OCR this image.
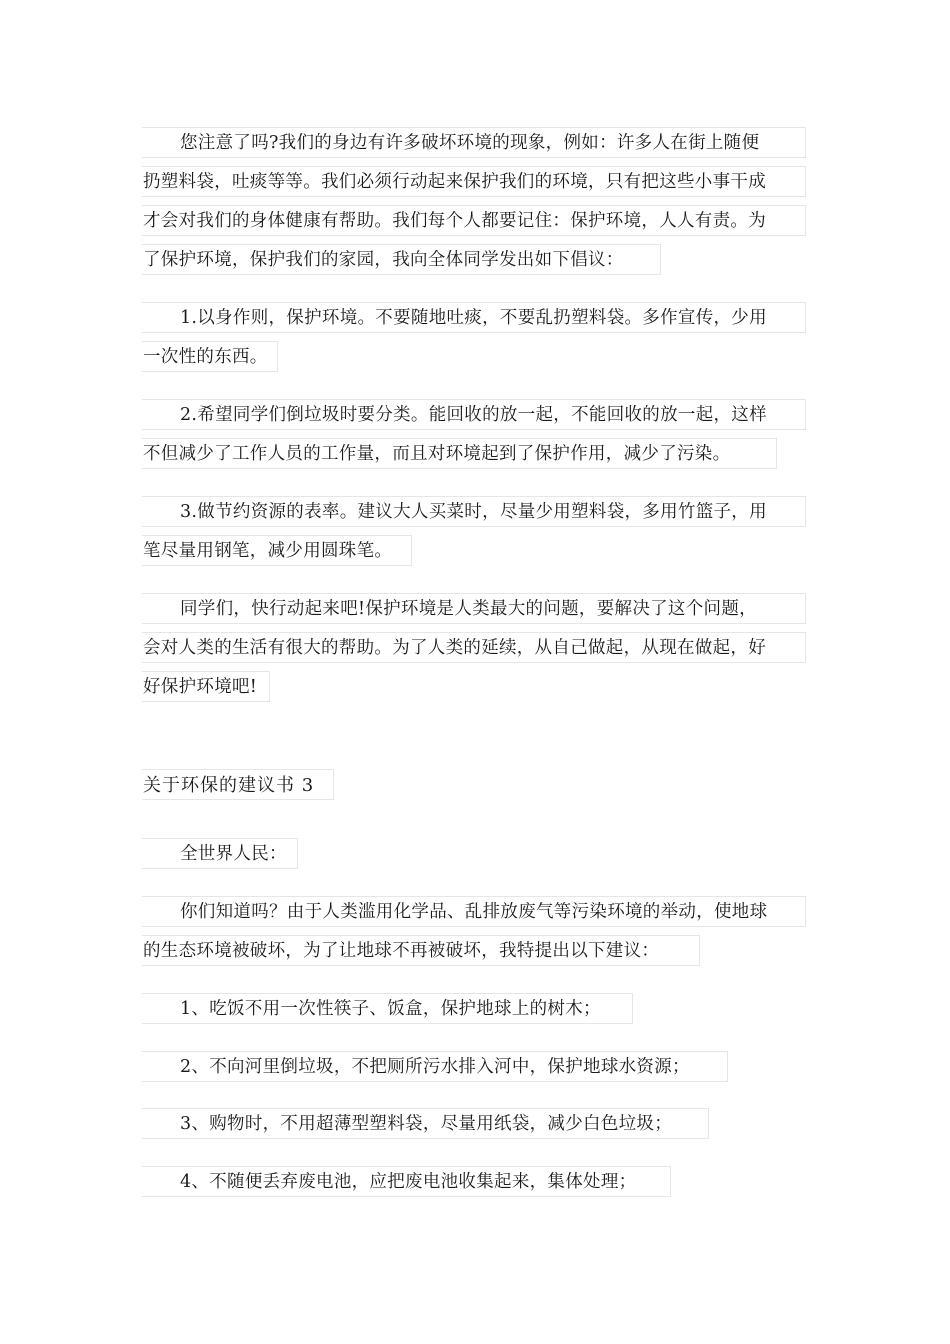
您注意了吗?我们的身边有许多破坏环境的现象，例如：许多人在街上随便
扔塑料袋，吐痰等等。我们必须行动起来保护我们的环境，只有把这些小事干成
才会对我们的身体健康有帮助。我们每个人都要记住：保护环境，人人有责。为
了保护环境，保护我们的家园，我向全体同学发出如下倡议：
1.以身作则，保护环境。不要随地吐痰，不要乱扔塑料袋。多作宣传，少用
一次性的东西。
2.希望同学们倒垃圾时要分类。能回收的放一起，不能回收的放一起，这样
不但减少了工作人员的工作量，而且对环境起到了保护作用，减少了污染。
3.做节约资源的表率。建议大人买菜时，尽量少用塑料袋，多用竹篮子，用
笔尽量用钢笔，减少用圆珠笔。
同学们，快行动起来吧!保护环境是人类最大的问题，要解决了这个问题，
会对人类的生活有很大的帮助。为了人类的延续，从自己做起，从现在做起，好
好保护环境吧!
关于环保的建议书 3
全世界人民：
你们知道吗？由于人类滥用化学品、乱排放废气等污染环境的举动，使地球
的生态环境被破坏，为了让地球不再被破坏，我特提出以下建议：
1、吃饭不用一次性筷子、饭盒，保护地球上的树木；
2、不向河里倒垃圾，不把厕所污水排入河中，保护地球水资源；
3、购物时，不用超薄型塑料袋，尽量用纸袋，减少白色垃圾；
4、不随便丢弃废电池，应把废电池收集起来，集体处理；
